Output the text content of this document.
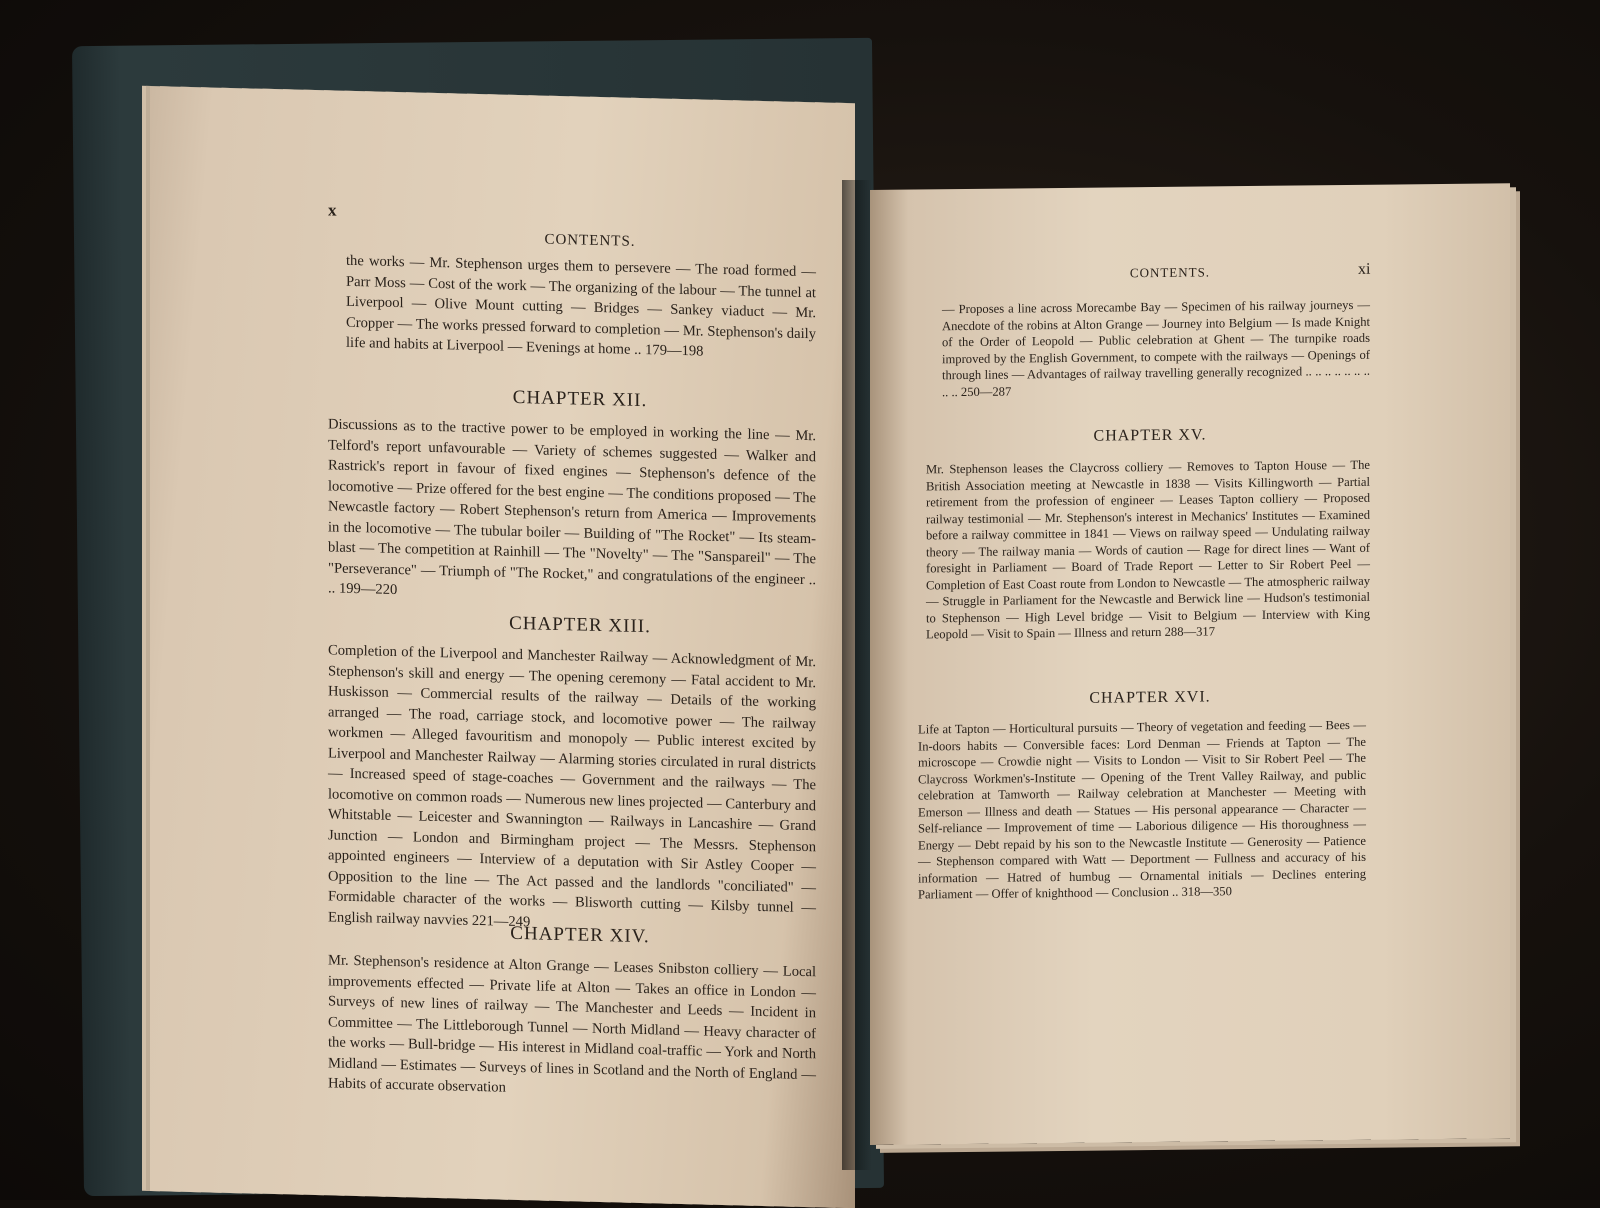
x
CONTENTS.

the works — Mr. Stephenson urges them to persevere — The road formed — Parr Moss — Cost of the work — The organizing of the labour — The tunnel at Liverpool — Olive Mount cutting — Bridges — Sankey viaduct — Mr. Cropper — The works pressed forward to completion — Mr. Stephenson's daily life and habits at Liverpool — Evenings at home .. 179—198

CHAPTER XII.

Discussions as to the tractive power to be employed in working the line — Mr. Telford's report unfavourable — Variety of schemes suggested — Walker and Rastrick's report in favour of fixed engines — Stephenson's defence of the locomotive — Prize offered for the best engine — The conditions proposed — The Newcastle factory — Robert Stephenson's return from America — Improvements in the locomotive — The tubular boiler — Building of "The Rocket" — Its steam-blast — The competition at Rainhill — The "Novelty" — The "Sanspareil" — The "Perseverance" — Triumph of "The Rocket," and congratulations of the engineer .. .. 199—220

CHAPTER XIII.

Completion of the Liverpool and Manchester Railway — Acknowledgment of Mr. Stephenson's skill and energy — The opening ceremony — Fatal accident to Mr. Huskisson — Commercial results of the railway — Details of the working arranged — The road, carriage stock, and locomotive power — The railway workmen — Alleged favouritism and monopoly — Public interest excited by Liverpool and Manchester Railway — Alarming stories circulated in rural districts — Increased speed of stage-coaches — Government and the railways — The locomotive on common roads — Numerous new lines projected — Canterbury and Whitstable — Leicester and Swannington — Railways in Lancashire — Grand Junction — London and Birmingham project — The Messrs. Stephenson appointed engineers — Interview of a deputation with Sir Astley Cooper — Opposition to the line — The Act passed and the landlords "conciliated" — Formidable character of the works — Blisworth cutting — Kilsby tunnel — English railway navvies 221—249

CHAPTER XIV.

Mr. Stephenson's residence at Alton Grange — Leases Snibston colliery — Local improvements effected — Private life at Alton — Takes an office in London — Surveys of new lines of railway — The Manchester and Leeds — Incident in Committee — The Littleborough Tunnel — North Midland — Heavy character of the works — Bull-bridge — His interest in Midland coal-traffic — York and North Midland — Estimates — Surveys of lines in Scotland and the North of England — Habits of accurate observation

CONTENTS.	xi

— Proposes a line across Morecambe Bay — Specimen of his railway journeys — Anecdote of the robins at Alton Grange — Journey into Belgium — Is made Knight of the Order of Leopold — Public celebration at Ghent — The turnpike roads improved by the English Government, to compete with the railways — Openings of through lines — Advantages of railway travelling generally recognized .. .. .. .. .. .. .. .. .. 250—287

CHAPTER XV.

Mr. Stephenson leases the Claycross colliery — Removes to Tapton House — The British Association meeting at Newcastle in 1838 — Visits Killingworth — Partial retirement from the profession of engineer — Leases Tapton colliery — Proposed railway testimonial — Mr. Stephenson's interest in Mechanics' Institutes — Examined before a railway committee in 1841 — Views on railway speed — Undulating railway theory — The railway mania — Words of caution — Rage for direct lines — Want of foresight in Parliament — Board of Trade Report — Letter to Sir Robert Peel — Completion of East Coast route from London to Newcastle — The atmospheric railway — Struggle in Parliament for the Newcastle and Berwick line — Hudson's testimonial to Stephenson — High Level bridge — Visit to Belgium — Interview with King Leopold — Visit to Spain — Illness and return 288—317

CHAPTER XVI.

Life at Tapton — Horticultural pursuits — Theory of vegetation and feeding — Bees — In-doors habits — Conversible faces: Lord Denman — Friends at Tapton — The microscope — Crowdie night — Visits to London — Visit to Sir Robert Peel — The Claycross Workmen's-Institute — Opening of the Trent Valley Railway, and public celebration at Tamworth — Railway celebration at Manchester — Meeting with Emerson — Illness and death — Statues — His personal appearance — Character — Self-reliance — Improvement of time — Laborious diligence — His thoroughness — Energy — Debt repaid by his son to the Newcastle Institute — Generosity — Patience — Stephenson compared with Watt — Deportment — Fullness and accuracy of his information — Hatred of humbug — Ornamental initials — Declines entering Parliament — Offer of knighthood — Conclusion .. 318—350
